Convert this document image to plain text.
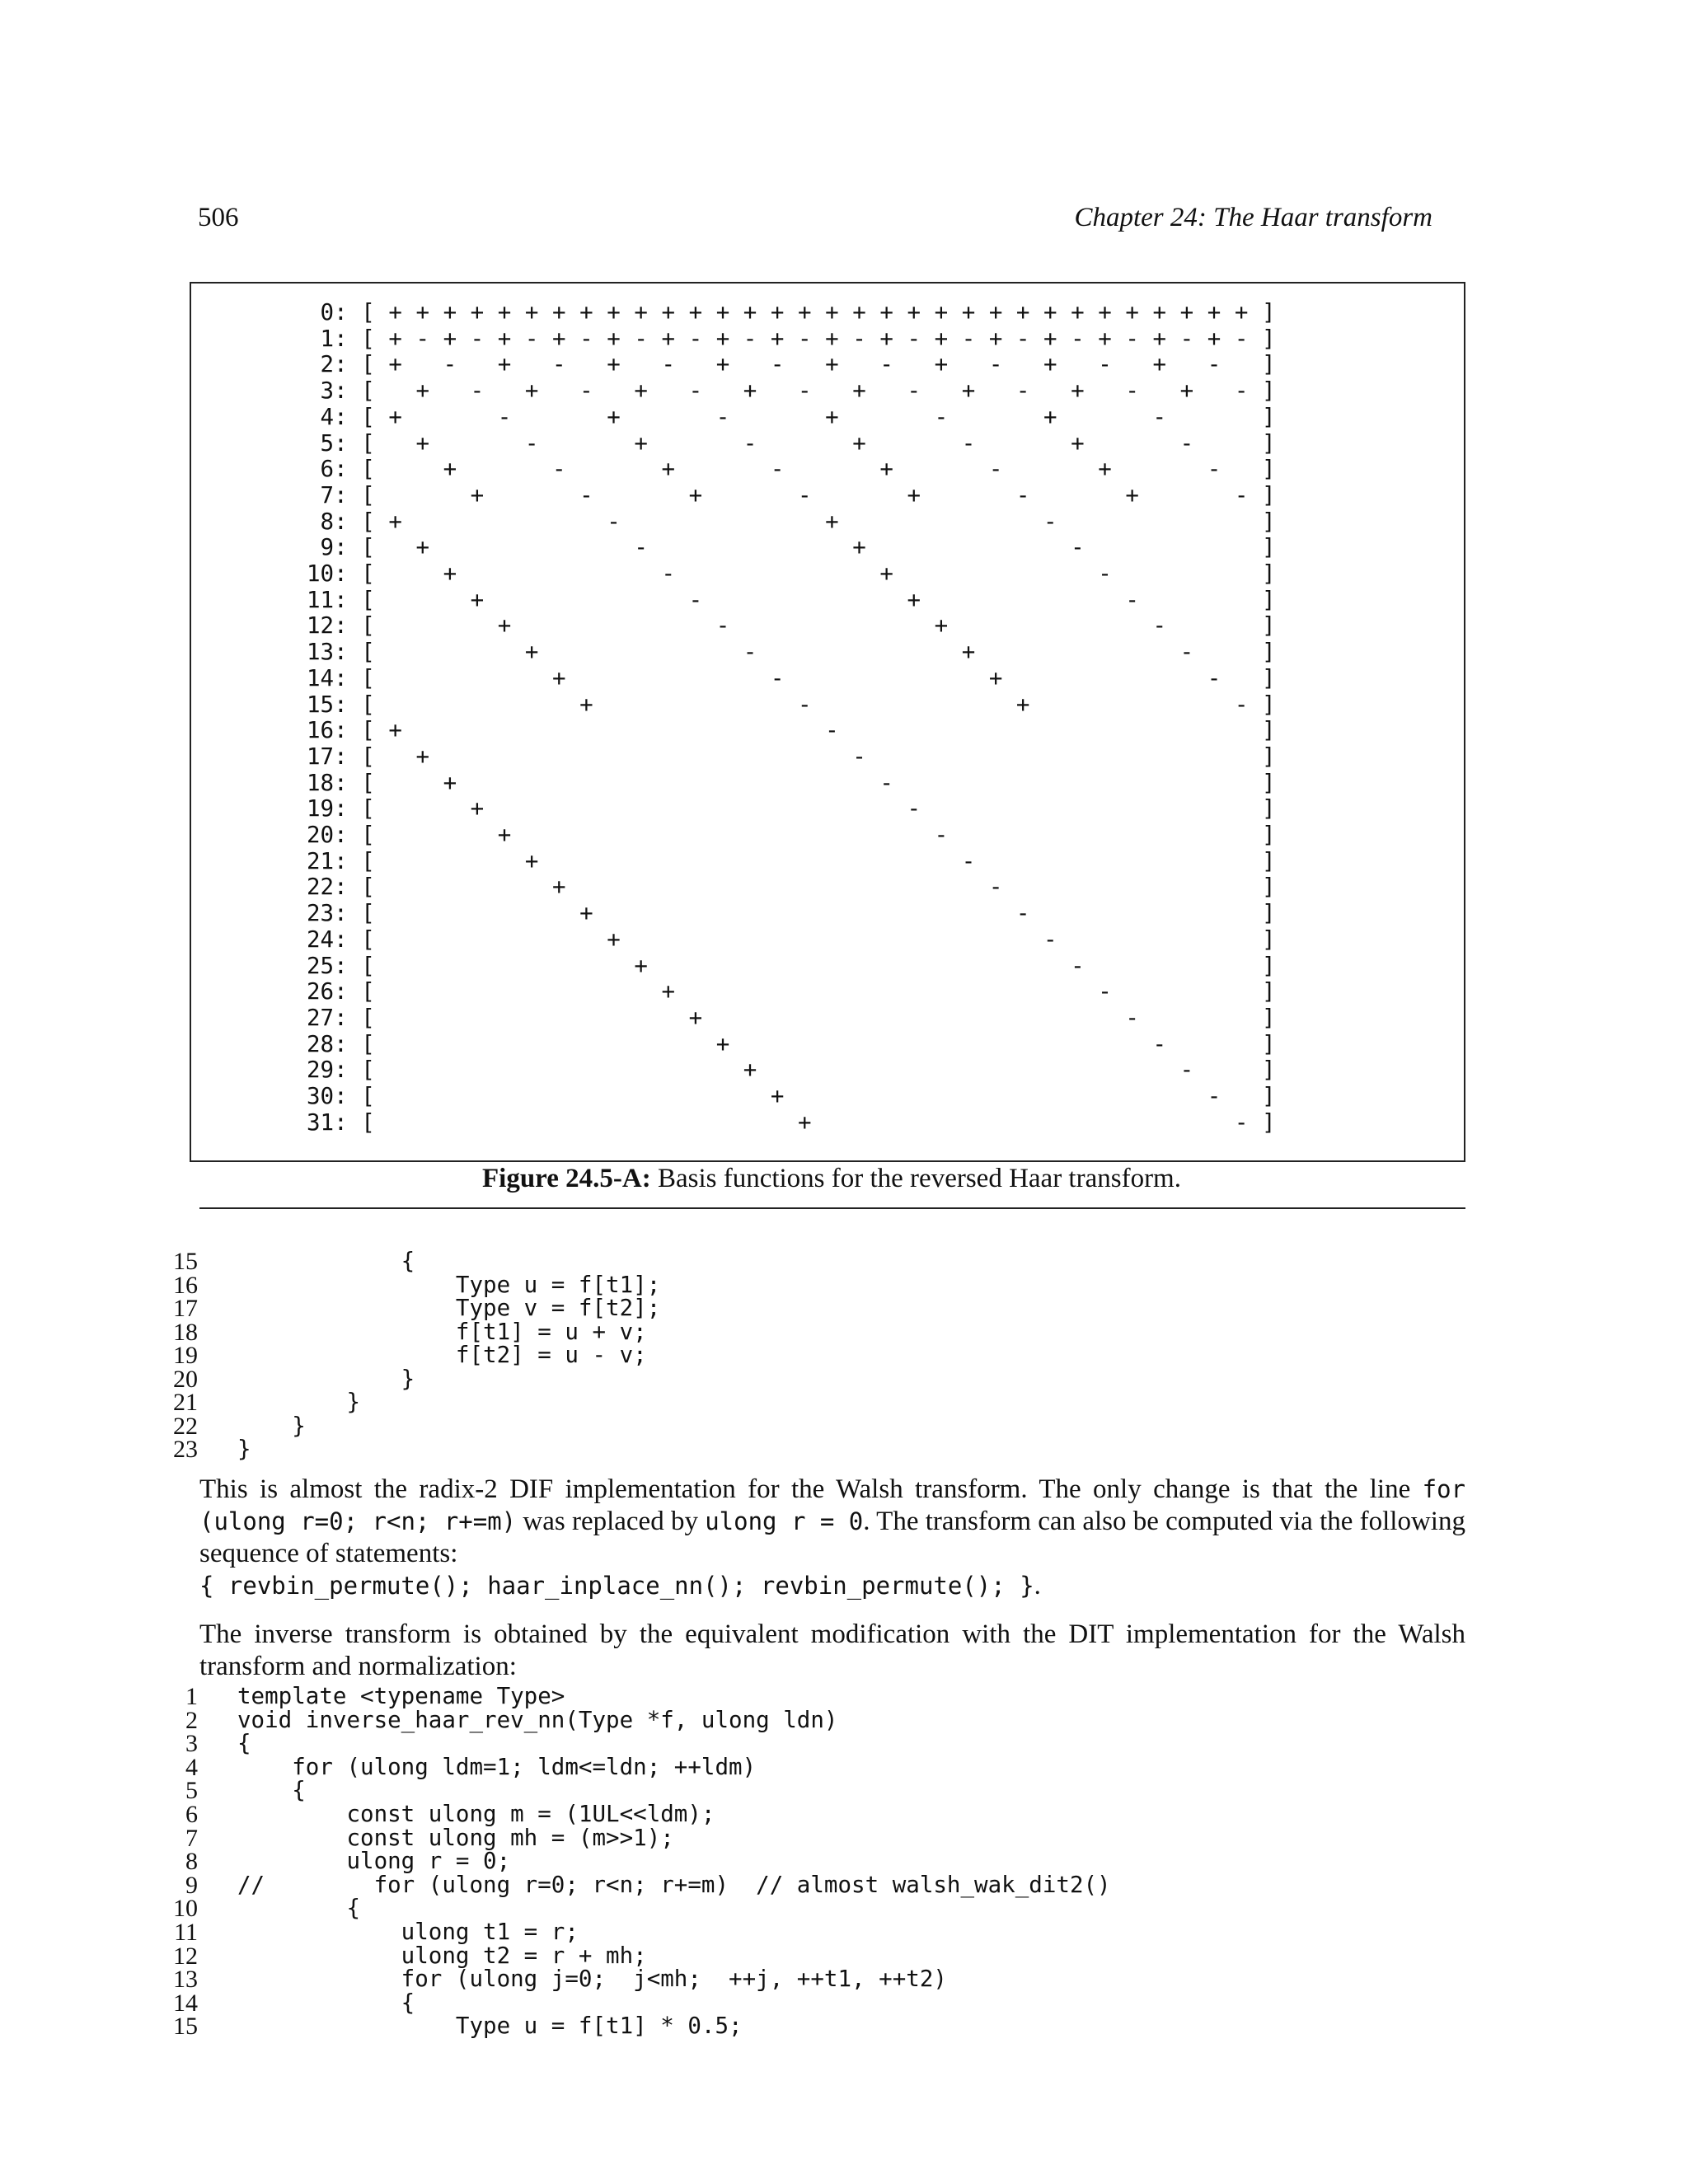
506	Chapter 24: The Haar transform
0: [ + + + + + + + + + + + + + + + + + + + + + + + + + + + + + + + + ]
1: [ + - + - + - + - + - + - + - + - + - + - + - + - + - + - + - + - ]
2: [ +   -   +   -   +   -   +   -   +   -   +   -   +   -   +   -   ]
3: [   +   -   +   -   +   -   +   -   +   -   +   -   +   -   +   - ]
4: [ +       -       +       -       +       -       +       -       ]
5: [   +       -       +       -       +       -       +       -     ]
6: [     +       -       +       -       +       -       +       -   ]
7: [       +       -       +       -       +       -       +       - ]
8: [ +               -               +               -               ]
9: [   +               -               +               -             ]
10: [     +               -               +               -           ]
11: [       +               -               +               -         ]
12: [         +               -               +               -       ]
13: [           +               -               +               -     ]
14: [             +               -               +               -   ]
15: [               +               -               +               - ]
16: [ +                               -                               ]
17: [   +                               -                             ]
18: [     +                               -                           ]
19: [       +                               -                         ]
20: [         +                               -                       ]
21: [           +                               -                     ]
22: [             +                               -                   ]
23: [               +                               -                 ]
24: [                 +                               -               ]
25: [                   +                               -             ]
26: [                     +                               -           ]
27: [                       +                               -         ]
28: [                         +                               -       ]
29: [                           +                               -     ]
30: [                             +                               -   ]
31: [                               +                               - ]
Figure 24.5-A: Basis functions for the reversed Haar transform.
15 {
16 Type u = f[t1];
17 Type v = f[t2];
18 f[t1] = u + v;
19 f[t2] = u - v;
20 }
21 }
22 }
23 }
This is almost the radix-2 DIF implementation for the Walsh transform. The only change is that the line for (ulong r=0; r<n; r+=m) was replaced by ulong r = 0. The transform can also be computed via the following sequence of statements:
{ revbin_permute(); haar_inplace_nn(); revbin_permute(); }.
The inverse transform is obtained by the equivalent modification with the DIT implementation for the Walsh transform and normalization:
1 template <typename Type>
2 void inverse_haar_rev_nn(Type *f, ulong ldn)
3 {
4 for (ulong ldm=1; ldm<=ldn; ++ldm)
5 {
6 const ulong m = (1UL<<ldm);
7 const ulong mh = (m>>1);
8 ulong r = 0;
9 //        for (ulong r=0; r<n; r+=m)  // almost walsh_wak_dit2()
10 {
11 ulong t1 = r;
12 ulong t2 = r + mh;
13 for (ulong j=0;  j<mh;  ++j, ++t1, ++t2)
14 {
15 Type u = f[t1] * 0.5;
